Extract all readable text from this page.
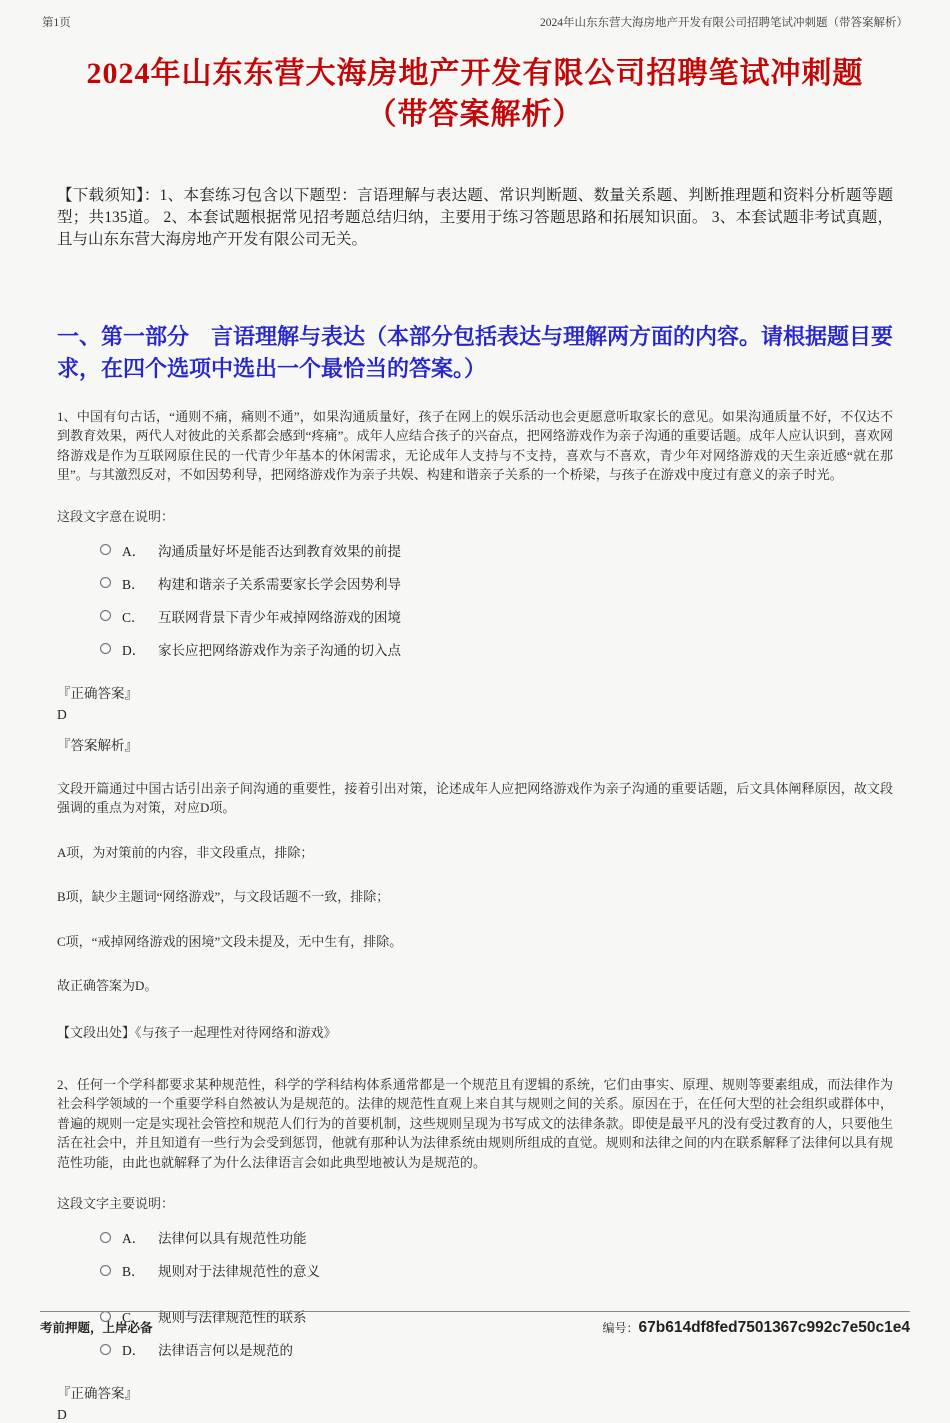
第1页	2024年山东东营大海房地产开发有限公司招聘笔试冲刺题（带答案解析）
2024年山东东营大海房地产开发有限公司招聘笔试冲刺题（带答案解析）

【下载须知】：1、本套练习包含以下题型：言语理解与表达题、常识判断题、数量关系题、判断推理题和资料分析题等题型；共135道。 2、本套试题根据常见招考题总结归纳，主要用于练习答题思路和拓展知识面。 3、本套试题非考试真题，且与山东东营大海房地产开发有限公司无关。

一、第一部分　言语理解与表达（本部分包括表达与理解两方面的内容。请根据题目要求，在四个选项中选出一个最恰当的答案。）

1、中国有句古话，“通则不痛，痛则不通”，如果沟通质量好，孩子在网上的娱乐活动也会更愿意听取家长的意见。如果沟通质量不好，不仅达不到教育效果，两代人对彼此的关系都会感到“疼痛”。成年人应结合孩子的兴奋点，把网络游戏作为亲子沟通的重要话题。成年人应认识到，喜欢网络游戏是作为互联网原住民的一代青少年基本的休闲需求，无论成年人支持与不支持，喜欢与不喜欢，青少年对网络游戏的天生亲近感“就在那里”。与其激烈反对，不如因势利导，把网络游戏作为亲子共娱、构建和谐亲子关系的一个桥梁，与孩子在游戏中度过有意义的亲子时光。

这段文字意在说明：

A． 沟通质量好坏是能否达到教育效果的前提
B． 构建和谐亲子关系需要家长学会因势利导
C． 互联网背景下青少年戒掉网络游戏的困境
D． 家长应把网络游戏作为亲子沟通的切入点

『正确答案』

D

『答案解析』

文段开篇通过中国古话引出亲子间沟通的重要性，接着引出对策，论述成年人应把网络游戏作为亲子沟通的重要话题，后文具体阐释原因，故文段强调的重点为对策，对应D项。

A项，为对策前的内容，非文段重点，排除；

B项，缺少主题词“网络游戏”，与文段话题不一致，排除；

C项，“戒掉网络游戏的困境”文段未提及，无中生有，排除。

故正确答案为D。

【文段出处】《与孩子一起理性对待网络和游戏》

2、任何一个学科都要求某种规范性，科学的学科结构体系通常都是一个规范且有逻辑的系统，它们由事实、原理、规则等要素组成，而法律作为社会科学领域的一个重要学科自然被认为是规范的。法律的规范性直观上来自其与规则之间的关系。原因在于，在任何大型的社会组织或群体中，普遍的规则一定是实现社会管控和规范人们行为的首要机制，这些规则呈现为书写成文的法律条款。即使是最平凡的没有受过教育的人，只要他生活在社会中，并且知道有一些行为会受到惩罚，他就有那种认为法律系统由规则所组成的直觉。规则和法律之间的内在联系解释了法律何以具有规范性功能，由此也就解释了为什么法律语言会如此典型地被认为是规范的。

这段文字主要说明：

A． 法律何以具有规范性功能
B． 规则对于法律规范性的意义
C． 规则与法律规范性的联系
D． 法律语言何以是规范的

『正确答案』

D

考前押题，上岸必备	编号：67b614df8fed7501367c992c7e50c1e4
